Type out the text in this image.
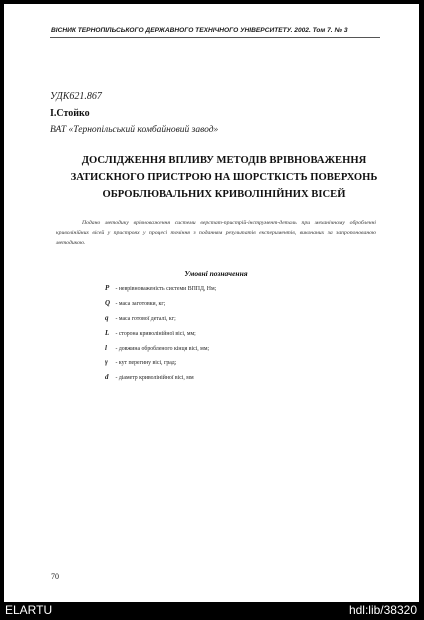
ВІСНИК ТЕРНОПІЛЬСЬКОГО ДЕРЖАВНОГО ТЕХНІЧНОГО УНІВЕРСИТЕТУ. 2002. Том 7. № 3
УДК621.867
І.Стойко
ВАТ «Тернопільський комбайновий завод»
ДОСЛІДЖЕННЯ ВПЛИВУ МЕТОДІВ ВРІВНОВАЖЕННЯ
ЗАТИСКНОГО ПРИСТРОЮ НА ШОРСТКІСТЬ ПОВЕРХОНЬ
ОБРОБЛЮВАЛЬНИХ КРИВОЛІНІЙНИХ ВІСЕЙ
Подано методику врівноваження системи верстат-пристрій-інструмент-деталь при механічному обробленні криволінійних вісей у пристроях у процесі точіння з поданням результатів експериментів, виконаних за запропонованою методикою.
Умовні позначення
P - неврівноваженість системи ВППД, Нм;
Q - маса заготовки, кг;
q - маса готової деталі, кг;
L - сторона криволінійної вісі, мм;
l - довжина обробленого кінця вісі, мм;
γ - кут перегину вісі, град;
d - діаметр криволінійної вісі, мм
70
ELARTU	hdl:lib/38320
